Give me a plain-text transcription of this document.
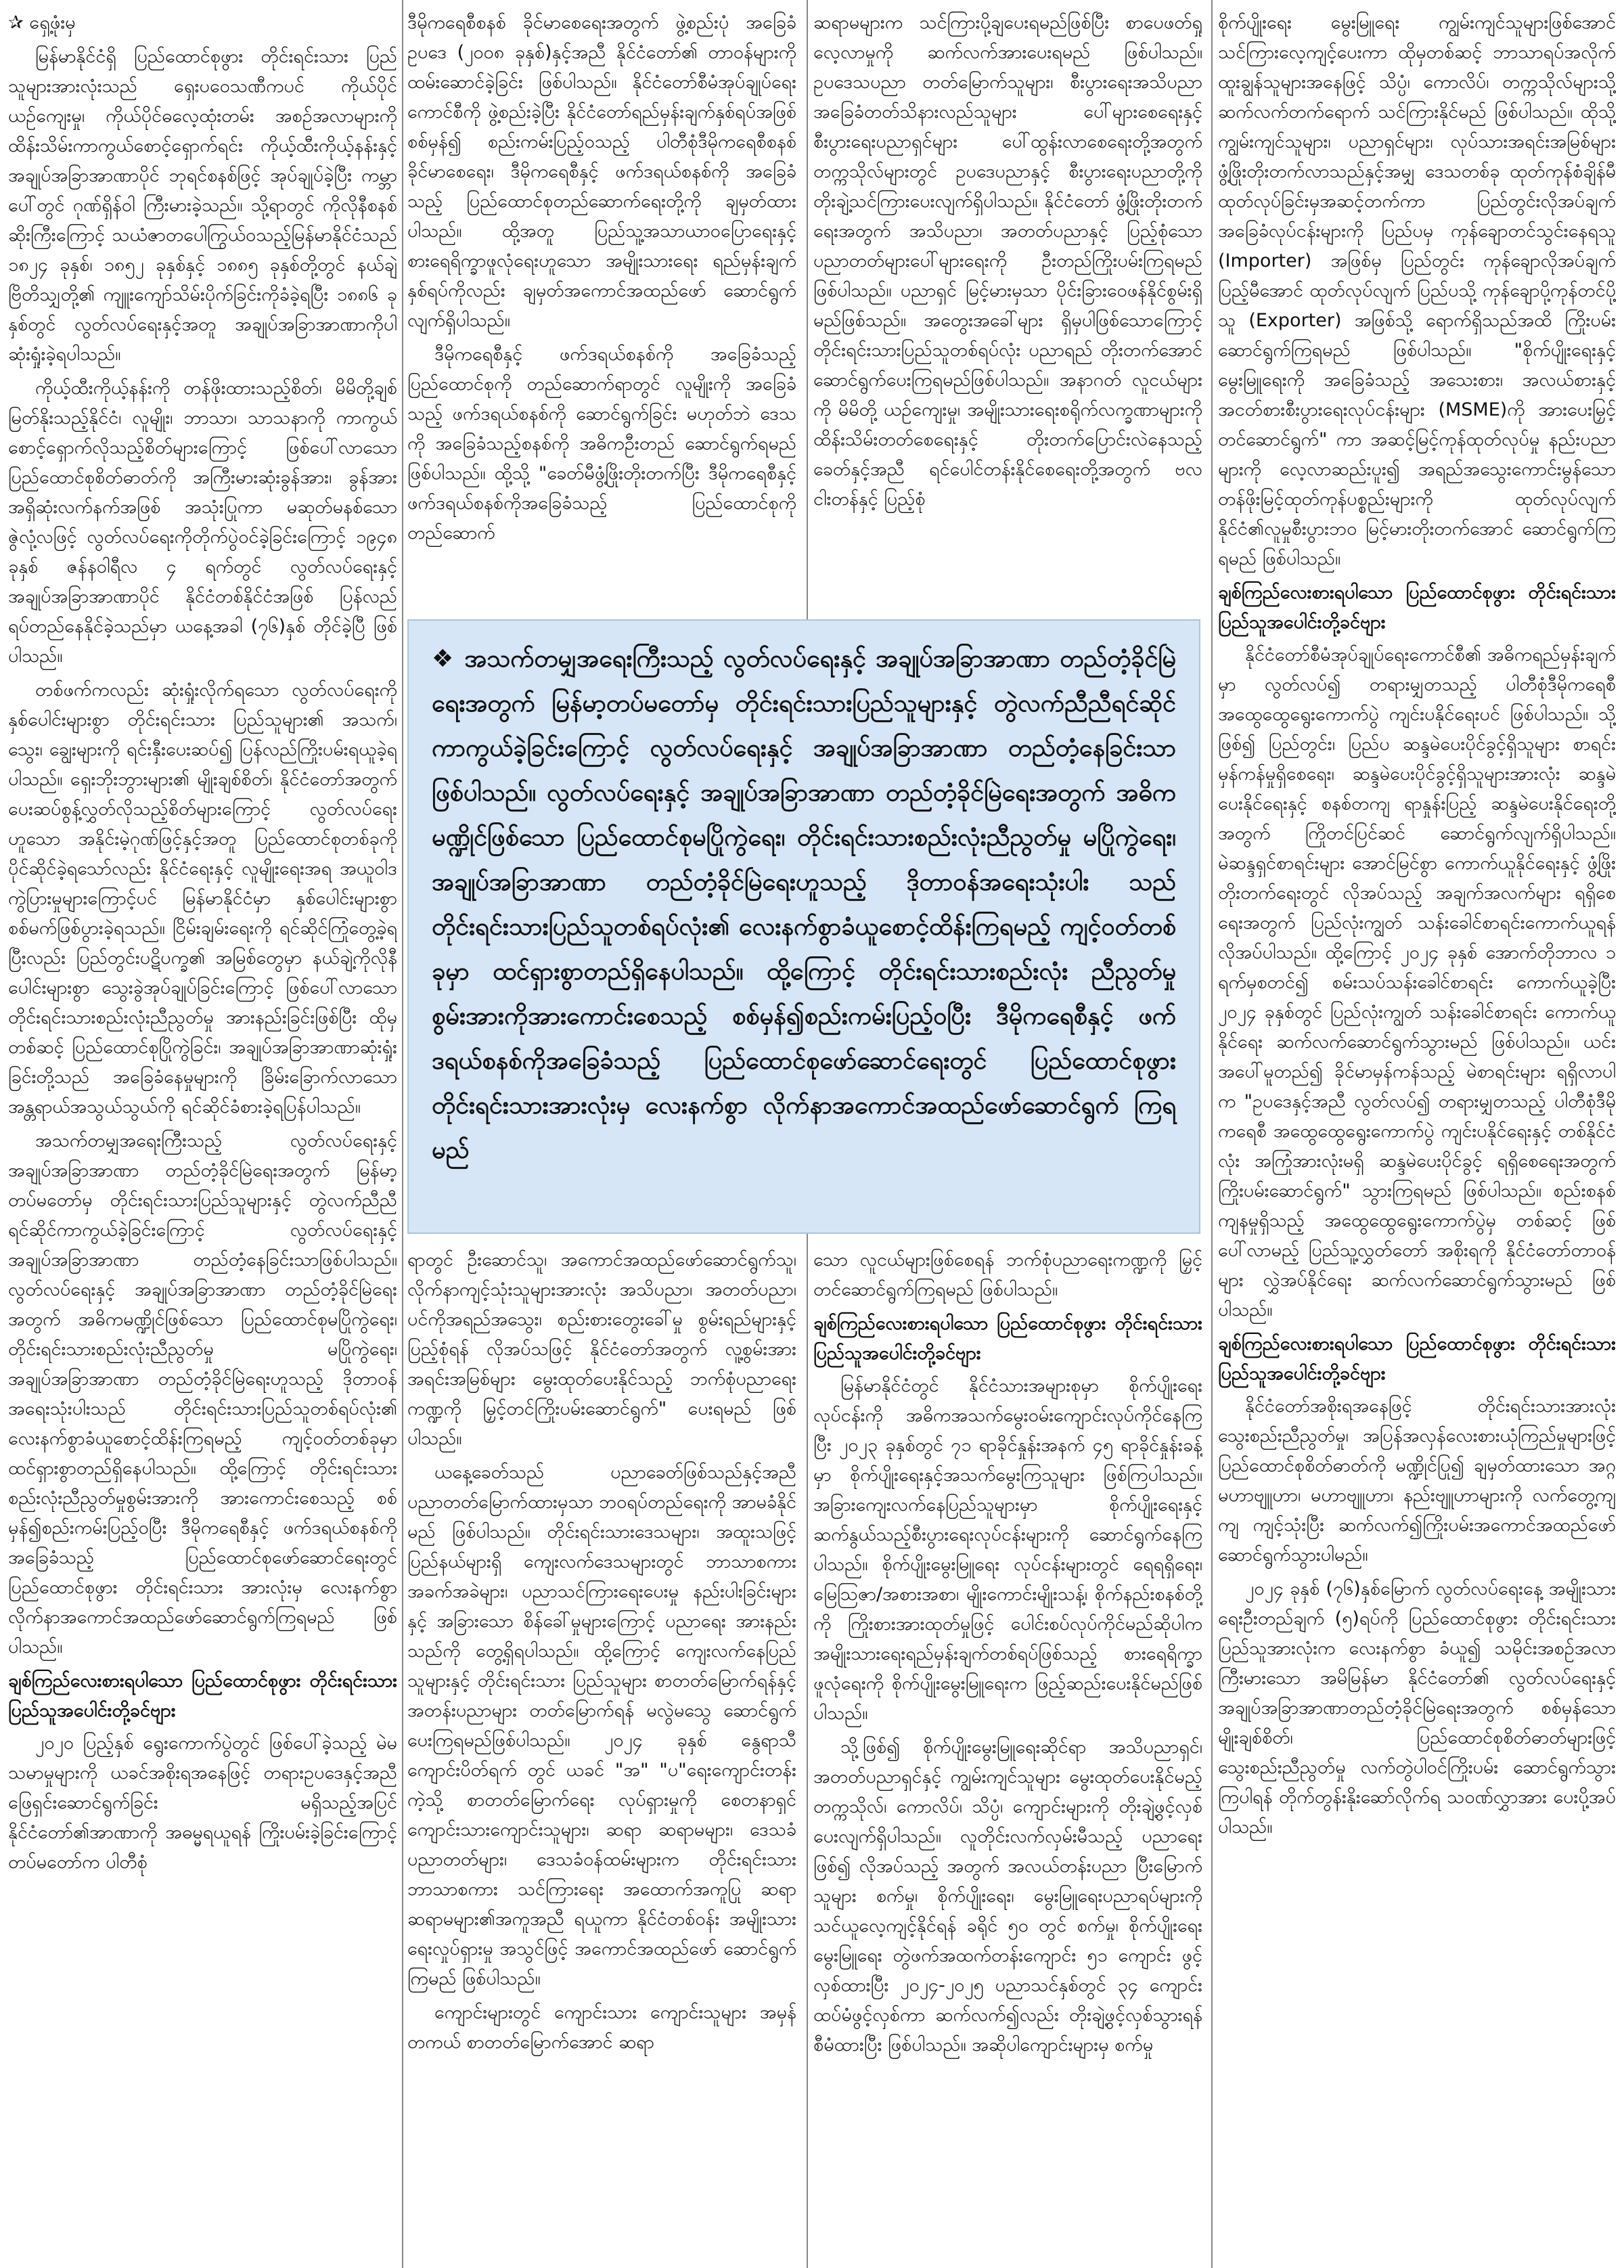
✰ ရှေ့ဖုံးမှ

မြန်မာနိုင်ငံရှိ ပြည်ထောင်စုဖွား တိုင်းရင်းသား ပြည်သူများအားလုံးသည် ရှေးပဝေသဏီကပင် ကိုယ်ပိုင်ယဉ်ကျေးမှု၊ ကိုယ်ပိုင်ဓလေ့ထုံးတမ်း အစဉ်အလာများကို ထိန်းသိမ်းကာကွယ်စောင့်ရှောက်ရင်း ကိုယ့်ထီးကိုယ့်နန်းနှင့် အချုပ်အခြာအာဏာပိုင် ဘုရင်စနစ်ဖြင့် အုပ်ချုပ်ခဲ့ပြီး ကမ္ဘာပေါ်တွင် ဂုဏ်ရှိန်ဝါ ကြီးမားခဲ့သည်။ သို့ရာတွင် ကိုလိုနီစနစ်ဆိုးကြီးကြောင့် သယံဇာတပေါကြွယ်ဝသည့်မြန်မာနိုင်ငံသည် ၁၈၂၄ ခုနှစ်၊ ၁၈၅၂ ခုနှစ်နှင့် ၁၈၈၅ ခုနှစ်တို့တွင် နယ်ချဲ့ဗြိတိသျှတို့၏ ကျူးကျော်သိမ်းပိုက်ခြင်းကိုခံခဲ့ရပြီး ၁၈၈၆ ခုနှစ်တွင် လွတ်လပ်ရေးနှင့်အတူ အချုပ်အခြာအာဏာကိုပါ ဆုံးရှုံးခဲ့ရပါသည်။

ကိုယ့်ထီးကိုယ့်နန်းကို တန်ဖိုးထားသည့်စိတ်၊ မိမိတို့ချစ်မြတ်နိုးသည့်နိုင်ငံ၊ လူမျိုး၊ ဘာသာ၊ သာသနာကို ကာကွယ်စောင့်ရှောက်လိုသည့်စိတ်များကြောင့် ဖြစ်ပေါ်လာသော ပြည်ထောင်စုစိတ်ဓာတ်ကို အကြီးမားဆုံးခွန်အား၊ ခွန်အားအရှိဆုံးလက်နက်အဖြစ် အသုံးပြုကာ မဆုတ်မနစ်သော ဇွဲလုံ့လဖြင့် လွတ်လပ်ရေးကိုတိုက်ပွဲဝင်ခဲ့ခြင်းကြောင့် ၁၉၄၈ ခုနှစ် ဇန်နဝါရီလ ၄ ရက်တွင် လွတ်လပ်ရေးနှင့် အချုပ်အခြာအာဏာပိုင် နိုင်ငံတစ်နိုင်ငံအဖြစ် ပြန်လည် ရပ်တည်နေနိုင်ခဲ့သည်မှာ ယနေ့အခါ (၇၆)နှစ် တိုင်ခဲ့ပြီ ဖြစ်ပါသည်။

တစ်ဖက်ကလည်း ဆုံးရှုံးလိုက်ရသော လွတ်လပ်ရေးကို နှစ်ပေါင်းများစွာ တိုင်းရင်းသား ပြည်သူများ၏ အသက်၊ သွေး၊ ချွေးများကို ရင်းနှီးပေးဆပ်၍ ပြန်လည်ကြိုးပမ်းရယူခဲ့ရပါသည်။ ရှေးဘိုးဘွားများ၏ မျိုးချစ်စိတ်၊ နိုင်ငံတော်အတွက် ပေးဆပ်စွန့်လွှတ်လိုသည့်စိတ်များကြောင့် လွတ်လပ်ရေးဟူသော အနိုင်းမဲ့ဂုဏ်ဖြင့်နှင့်အတူ ပြည်ထောင်စုတစ်ခုကို ပိုင်ဆိုင်ခဲ့ရသော်လည်း နိုင်ငံရေးနှင့် လူမျိုးရေးအရ အယူဝါဒကွဲပြားမှုများကြောင့်ပင် မြန်မာနိုင်ငံမှာ နှစ်ပေါင်းများစွာ စစ်မက်ဖြစ်ပွားခဲ့ရသည်။ ငြိမ်းချမ်းရေးကို ရင်ဆိုင်ကြုံတွေ့ခဲ့ရပြီးလည်း ပြည်တွင်းပဋိပက္ခ၏ အမြစ်တွေမှာ နယ်ချဲ့ကိုလိုနီ ပေါင်းများစွာ သွေးခွဲအုပ်ချုပ်ခြင်းကြောင့် ဖြစ်ပေါ်လာသော တိုင်းရင်းသားစည်းလုံးညီညွတ်မှု အားနည်းခြင်းဖြစ်ပြီး ထိုမှတစ်ဆင့် ပြည်ထောင်စုပြိုကွဲခြင်း၊ အချုပ်အခြာအာဏာဆုံးရှုံးခြင်းတို့သည် အခြေခံနေမှုများကို ခြိမ်းခြောက်လာသော အန္တရာယ်အသွယ်သွယ်ကို ရင်ဆိုင်ခံစားခဲ့ရပြန်ပါသည်။

အသက်တမျှအရေးကြီးသည့် လွတ်လပ်ရေးနှင့် အချုပ်အခြာအာဏာ တည်တံ့ခိုင်မြဲရေးအတွက် မြန်မာ့တပ်မတော်မှ တိုင်းရင်းသားပြည်သူများနှင့် တွဲလက်ညီညီ ရင်ဆိုင်ကာကွယ်ခဲ့ခြင်းကြောင့် လွတ်လပ်ရေးနှင့် အချုပ်အခြာအာဏာ တည်တံ့နေခြင်းသာဖြစ်ပါသည်။ လွတ်လပ်ရေးနှင့် အချုပ်အခြာအာဏာ တည်တံ့ခိုင်မြဲရေးအတွက် အဓိကမဏ္ဍိုင်ဖြစ်သော ပြည်ထောင်စုမပြိုကွဲရေး၊ တိုင်းရင်းသားစည်းလုံးညီညွတ်မှု မပြိုကွဲရေး၊ အချုပ်အခြာအာဏာ တည်တံ့ခိုင်မြဲရေးဟူသည့် ဒိုတာဝန်အရေးသုံးပါးသည် တိုင်းရင်းသားပြည်သူတစ်ရပ်လုံး၏ လေးနက်စွာခံယူစောင့်ထိန်းကြရမည့် ကျင့်ဝတ်တစ်ခုမှာ ထင်ရှားစွာတည်ရှိနေပါသည်။ ထို့ကြောင့် တိုင်းရင်းသားစည်းလုံးညီညွတ်မှုစွမ်းအားကို အားကောင်းစေသည့် စစ်မှန်၍စည်းကမ်းပြည့်ဝပြီး ဒီမိုကရေစီနှင့် ဖက်ဒရယ်စနစ်ကိုအခြေခံသည့် ပြည်ထောင်စုဖော်ဆောင်ရေးတွင် ပြည်ထောင်စုဖွား တိုင်းရင်းသား အားလုံးမှ လေးနက်စွာလိုက်နာအကောင်အထည်ဖော်ဆောင်ရွက်ကြရမည် ဖြစ်ပါသည်။

ချစ်ကြည်လေးစားရပါသော ပြည်ထောင်စုဖွား တိုင်းရင်းသားပြည်သူအပေါင်းတို့ခင်ဗျား

၂၀၂၀ ပြည့်နှစ် ရွေးကောက်ပွဲတွင် ဖြစ်ပေါ်ခဲ့သည့် မဲမသမာမှုများကို ယခင်အစိုးရအနေဖြင့် တရားဥပဒေနှင့်အညီ ဖြေရှင်းဆောင်ရွက်ခြင်း မရှိသည့်အပြင် နိုင်ငံတော်၏အာဏာကို အဓမ္မရယူရန် ကြိုးပမ်းခဲ့ခြင်းကြောင့် တပ်မတော်က ပါတီစုံ

ဒီမိုကရေစီစနစ် ခိုင်မာစေရေးအတွက် ဖွဲ့စည်းပုံ အခြေခံဥပဒေ (၂၀၀၈ ခုနှစ်)နှင့်အညီ နိုင်ငံတော်၏ တာဝန်များကို ထမ်းဆောင်ခဲ့ခြင်း ဖြစ်ပါသည်။ နိုင်ငံတော်စီမံအုပ်ချုပ်ရေးကောင်စီကို ဖွဲ့စည်းခဲ့ပြီး နိုင်ငံတော်ရည်မှန်းချက်နှစ်ရပ်အဖြစ် စစ်မှန်၍ စည်းကမ်းပြည့်ဝသည့် ပါတီစုံဒီမိုကရေစီစနစ် ခိုင်မာစေရေး၊ ဒီမိုကရေစီနှင့် ဖက်ဒရယ်စနစ်ကို အခြေခံသည့် ပြည်ထောင်စုတည်ဆောက်ရေးတို့ကို ချမှတ်ထားပါသည်။ ထို့အတူ ပြည်သူ့အသာယာဝပြောရေးနှင့် စားရေရိက္ခာဖူလုံရေးဟူသော အမျိုးသားရေး ရည်မှန်းချက် နှစ်ရပ်ကိုလည်း ချမှတ်အကောင်အထည်ဖော် ဆောင်ရွက်လျက်ရှိပါသည်။

ဒီမိုကရေစီနှင့် ဖက်ဒရယ်စနစ်ကို အခြေခံသည့် ပြည်ထောင်စုကို တည်ဆောက်ရာတွင် လူမျိုးကို အခြေခံသည့် ဖက်ဒရယ်စနစ်ကို ဆောင်ရွက်ခြင်း မဟုတ်ဘဲ ဒေသကို အခြေခံသည့်စနစ်ကို အဓိကဦးတည် ဆောင်ရွက်ရမည်ဖြစ်ပါသည်။ ထို့သို့ "ခေတ်မီဖွံ့ဖြိုးတိုးတက်ပြီး ဒီမိုကရေစီနှင့် ဖက်ဒရယ်စနစ်ကိုအခြေခံသည့် ပြည်ထောင်စုကိုတည်ဆောက်

ဆရာမများက သင်ကြားပို့ချပေးရမည်ဖြစ်ပြီး စာပေဖတ်ရှုလေ့လာမှုကို ဆက်လက်အားပေးရမည် ဖြစ်ပါသည်။ ဥပဒေသပညာ တတ်မြောက်သူများ၊ စီးပွားရေးအသိပညာ အခြေခံတတ်သိနားလည်သူများ ပေါ်များစေရေးနှင့် စီးပွားရေးပညာရှင်များ ပေါ်ထွန်းလာစေရေးတို့အတွက် တက္ကသိုလ်များတွင် ဥပဒေပညာနှင့် စီးပွားရေးပညာတို့ကို တိုးချဲ့သင်ကြားပေးလျက်ရှိပါသည်။ နိုင်ငံတော် ဖွံ့ဖြိုးတိုးတက်ရေးအတွက် အသိပညာ၊ အတတ်ပညာနှင့် ပြည့်စုံသော ပညာတတ်များပေါ်များရေးကို ဦးတည်ကြိုးပမ်းကြရမည် ဖြစ်ပါသည်။ ပညာရှင် မြင့်မားမှသာ ပိုင်းခြားဝေဖန်နိုင်စွမ်းရှိမည်ဖြစ်သည်။ အတွေးအခေါ်များ ရှိမှပါဖြစ်သောကြောင့် တိုင်းရင်းသားပြည်သူတစ်ရပ်လုံး ပညာရည် တိုးတက်အောင် ဆောင်ရွက်ပေးကြရမည်ဖြစ်ပါသည်။ အနာဂတ် လူငယ်များကို မိမိတို့ ယဉ်ကျေးမှု၊ အမျိုးသားရေးစရိုက်လက္ခဏာများကို ထိန်းသိမ်းတတ်စေရေးနှင့် တိုးတက်ပြောင်းလဲနေသည့် ခေတ်နှင့်အညီ ရင်ပေါင်တန်းနိုင်စေရေးတို့အတွက် ဗလငါးတန်နှင့် ပြည့်စုံ

❖ အသက်တမျှအရေးကြီးသည့် လွတ်လပ်ရေးနှင့် အချုပ်အခြာအာဏာ တည်တံ့ခိုင်မြဲရေးအတွက် မြန်မာ့တပ်မတော်မှ တိုင်းရင်းသားပြည်သူများနှင့် တွဲလက်ညီညီရင်ဆိုင်ကာကွယ်ခဲ့ခြင်းကြောင့် လွတ်လပ်ရေးနှင့် အချုပ်အခြာအာဏာ တည်တံ့နေခြင်းသာ ဖြစ်ပါသည်။ လွတ်လပ်ရေးနှင့် အချုပ်အခြာအာဏာ တည်တံ့ခိုင်မြဲရေးအတွက် အဓိက မဏ္ဍိုင်ဖြစ်သော ပြည်ထောင်စုမပြိုကွဲရေး၊ တိုင်းရင်းသားစည်းလုံးညီညွတ်မှု မပြိုကွဲရေး၊ အချုပ်အခြာအာဏာ တည်တံ့ခိုင်မြဲရေးဟူသည့် ဒိုတာဝန်အရေးသုံးပါး သည် တိုင်းရင်းသားပြည်သူတစ်ရပ်လုံး၏ လေးနက်စွာခံယူစောင့်ထိန်းကြရမည့် ကျင့်ဝတ်တစ်ခုမှာ ထင်ရှားစွာတည်ရှိနေပါသည်။ ထို့ကြောင့် တိုင်းရင်းသားစည်းလုံး ညီညွတ်မှုစွမ်းအားကိုအားကောင်းစေသည့် စစ်မှန်၍စည်းကမ်းပြည့်ဝပြီး ဒီမိုကရေစီနှင့် ဖက်ဒရယ်စနစ်ကိုအခြေခံသည့် ပြည်ထောင်စုဖော်ဆောင်ရေးတွင် ပြည်ထောင်စုဖွား တိုင်းရင်းသားအားလုံးမှ လေးနက်စွာ လိုက်နာအကောင်အထည်ဖော်ဆောင်ရွက် ကြရမည်

ရာတွင် ဦးဆောင်သူ၊ အကောင်အထည်ဖော်ဆောင်ရွက်သူ၊ လိုက်နာကျင့်သုံးသူများအားလုံး အသိပညာ၊ အတတ်ပညာ၊ ပင်ကိုအရည်အသွေး၊ စည်းစားတွေးခေါ်မှု စွမ်းရည်များနှင့် ပြည့်စုံရန် လိုအပ်သဖြင့် နိုင်ငံတော်အတွက် လူ့စွမ်းအားအရင်းအမြစ်များ မွေးထုတ်ပေးနိုင်သည့် ဘက်စုံပညာရေးကဏ္ဍကို မြှင့်တင်ကြိုးပမ်းဆောင်ရွက်" ပေးရမည် ဖြစ်ပါသည်။

ယနေ့ခေတ်သည် ပညာခေတ်ဖြစ်သည်နှင့်အညီ ပညာတတ်မြောက်ထားမှသာ ဘဝရပ်တည်ရေးကို အာမခံနိုင်မည် ဖြစ်ပါသည်။ တိုင်းရင်းသားဒေသများ၊ အထူးသဖြင့် ပြည်နယ်များရှိ ကျေးလက်ဒေသများတွင် ဘာသာစကားအခက်အခဲများ၊ ပညာသင်ကြားရေးပေးမှု နည်းပါးခြင်းများနှင့် အခြားသော စိန်ခေါ်မှုများကြောင့် ပညာရေး အားနည်းသည်ကို တွေ့ရှိရပါသည်။ ထို့ကြောင့် ကျေးလက်နေပြည်သူများနှင့် တိုင်းရင်းသား ပြည်သူများ စာတတ်မြောက်ရန်နှင့် အတန်းပညာများ တတ်မြောက်ရန် မလွဲမသွေ ဆောင်ရွက်ပေးကြရမည်ဖြစ်ပါသည်။ ၂၀၂၄ ခုနှစ် နွေရာသီကျောင်းပိတ်ရက် တွင် ယခင် "အ" "ပ"ရေးကျောင်းတန်းကဲ့သို့ စာတတ်မြောက်ရေး လုပ်ရှားမှုကို စေတနာရှင် ကျောင်းသားကျောင်းသူများ၊ ဆရာ ဆရာမများ၊ ဒေသခံပညာတတ်များ၊ ဒေသခံဝန်ထမ်းများက တိုင်းရင်းသားဘာသာစကား သင်ကြားရေး အထောက်အကူပြု ဆရာ ဆရာမများ၏အကူအညီ ရယူကာ နိုင်ငံတစ်ဝန်း အမျိုးသားရေးလှုပ်ရှားမှု အသွင်ဖြင့် အကောင်အထည်ဖော် ဆောင်ရွက်ကြမည် ဖြစ်ပါသည်။

ကျောင်းများတွင် ကျောင်းသား ကျောင်းသူများ အမှန်တကယ် စာတတ်မြောက်အောင် ဆရာ

သော လူငယ်များဖြစ်စေရန် ဘက်စုံပညာရေးကဏ္ဍကို မြှင့်တင်ဆောင်ရွက်ကြရမည် ဖြစ်ပါသည်။

ချစ်ကြည်လေးစားရပါသော ပြည်ထောင်စုဖွား တိုင်းရင်းသားပြည်သူအပေါင်းတို့ခင်ဗျား

မြန်မာနိုင်ငံတွင် နိုင်ငံသားအများစုမှာ စိုက်ပျိုးရေးလုပ်ငန်းကို အဓိကအသက်မွေးဝမ်းကျောင်းလုပ်ကိုင်နေကြပြီး ၂၀၂၃ ခုနှစ်တွင် ၇၁ ရာခိုင်နှုန်းအနက် ၄၅ ရာခိုင်နှုန်းခန့်မှာ စိုက်ပျိုးရေးနှင့်အသက်မွေးကြသူများ ဖြစ်ကြပါသည်။ အခြားကျေးလက်နေပြည်သူများမှာ စိုက်ပျိုးရေးနှင့် ဆက်နွယ်သည့်စီးပွားရေးလုပ်ငန်းများကို ဆောင်ရွက်နေကြပါသည်။ စိုက်ပျိုးမွေးမြူရေး လုပ်ငန်းများတွင် ရေရရှိရေး၊ မြေဩဇာ/အစားအစာ၊ မျိုးကောင်းမျိုးသန့်၊ စိုက်နည်းစနစ်တို့ကို ကြိုးစားအားထုတ်မှုဖြင့် ပေါင်းစပ်လုပ်ကိုင်မည်ဆိုပါက အမျိုးသားရေးရည်မှန်းချက်တစ်ရပ်ဖြစ်သည့် စားရေရိက္ခာဖူလုံရေးကို စိုက်ပျိုးမွေးမြူရေးက ဖြည့်ဆည်းပေးနိုင်မည်ဖြစ်ပါသည်။

သို့ဖြစ်၍ စိုက်ပျိုးမွေးမြူရေးဆိုင်ရာ အသိပညာရှင်၊ အတတ်ပညာရှင်နှင့် ကျွမ်းကျင်သူများ မွေးထုတ်ပေးနိုင်မည့် တက္ကသိုလ်၊ ကောလိပ်၊ သိပ္ပံ၊ ကျောင်းများကို တိုးချဲ့ဖွင့်လှစ်ပေးလျက်ရှိပါသည်။ လူတိုင်းလက်လှမ်းမီသည့် ပညာရေးဖြစ်၍ လိုအပ်သည့် အတွက် အလယ်တန်းပညာ ပြီးမြောက်သူများ စက်မှု၊ စိုက်ပျိုးရေး၊ မွေးမြူရေးပညာရပ်များကို သင်ယူလေ့ကျင့်နိုင်ရန် ခရိုင် ၅၀ တွင် စက်မှု၊ စိုက်ပျိုးရေး မွေးမြူရေး တွဲဖက်အထက်တန်းကျောင်း ၅၁ ကျောင်း ဖွင့်လှစ်ထားပြီး ၂၀၂၄-၂၀၂၅ ပညာသင်နှစ်တွင် ၃၄ ကျောင်း ထပ်မံဖွင့်လှစ်ကာ ဆက်လက်၍လည်း တိုးချဲ့ဖွင့်လှစ်သွားရန် စီမံထားပြီး ဖြစ်ပါသည်။ အဆိုပါကျောင်းများမှ စက်မှု

စိုက်ပျိုးရေး မွေးမြူရေး ကျွမ်းကျင်သူများဖြစ်အောင် သင်ကြားလေ့ကျင့်ပေးကာ ထိုမှတစ်ဆင့် ဘာသာရပ်အလိုက်ထူးချွန်သူများအနေဖြင့် သိပ္ပံ၊ ကောလိပ်၊ တက္ကသိုလ်များသို့ ဆက်လက်တက်ရောက် သင်ကြားနိုင်မည် ဖြစ်ပါသည်။ ထိုသို့ ကျွမ်းကျင်သူများ၊ ပညာရှင်များ၊ လုပ်သားအရင်းအမြစ်များ ဖွံ့ဖြိုးတိုးတက်လာသည်နှင့်အမျှ ဒေသတစ်ခု ထုတ်ကုန်စံချိန်မီ ထုတ်လုပ်ခြင်းမှအဆင့်တက်ကာ ပြည်တွင်းလိုအပ်ချက် အခြေခံလုပ်ငန်းများကို ပြည်ပမှ ကုန်ချောတင်သွင်းနေရသူ (Importer) အဖြစ်မှ ပြည်တွင်း ကုန်ချောလိုအပ်ချက် ပြည့်မီအောင် ထုတ်လုပ်လျက် ပြည်ပသို့ ကုန်ချောပို့ကုန်တင်ပို့သူ (Exporter) အဖြစ်သို့ ရောက်ရှိသည်အထိ ကြိုးပမ်းဆောင်ရွက်ကြရမည် ဖြစ်ပါသည်။ "စိုက်ပျိုးရေးနှင့် မွေးမြူရေးကို အခြေခံသည့် အသေးစား၊ အလယ်စားနှင့် အငတ်စားစီးပွားရေးလုပ်ငန်းများ (MSME)ကို အားပေးမြှင့်တင်ဆောင်ရွက်" ကာ အဆင့်မြင့်ကုန်ထုတ်လုပ်မှု နည်းပညာများကို လေ့လာဆည်းပူး၍ အရည်အသွေးကောင်းမွန်သော တန်ဖိုးမြင့်ထုတ်ကုန်ပစ္စည်းများကို ထုတ်လုပ်လျက် နိုင်ငံ၏လူမှုစီးပွားဘဝ မြင့်မားတိုးတက်အောင် ဆောင်ရွက်ကြရမည် ဖြစ်ပါသည်။

ချစ်ကြည်လေးစားရပါသော ပြည်ထောင်စုဖွား တိုင်းရင်းသားပြည်သူအပေါင်းတို့ခင်ဗျား

နိုင်ငံတော်စီမံအုပ်ချုပ်ရေးကောင်စီ၏ အဓိကရည်မှန်းချက်မှာ လွတ်လပ်၍ တရားမျှတသည့် ပါတီစုံဒီမိုကရေစီ အထွေထွေရွေးကောက်ပွဲ ကျင်းပနိုင်ရေးပင် ဖြစ်ပါသည်။ သို့ဖြစ်၍ ပြည်တွင်း၊ ပြည်ပ ဆန္ဒမဲပေးပိုင်ခွင့်ရှိသူများ စာရင်းမှန်ကန်မှုရှိစေရေး၊ ဆန္ဒမဲပေးပိုင်ခွင့်ရှိသူများအားလုံး ဆန္ဒမဲပေးနိုင်ရေးနှင့် စနစ်တကျ ရာနှုန်းပြည့် ဆန္ဒမဲပေးနိုင်ရေးတို့အတွက် ကြိုတင်ပြင်ဆင် ဆောင်ရွက်လျက်ရှိပါသည်။ မဲဆန္ဒရှင်စာရင်းများ အောင်မြင်စွာ ကောက်ယူနိုင်ရေးနှင့် ဖွံ့ဖြိုးတိုးတက်ရေးတွင် လိုအပ်သည့် အချက်အလက်များ ရရှိစေရေးအတွက် ပြည်လုံးကျွတ် သန်းခေါင်စာရင်းကောက်ယူရန် လိုအပ်ပါသည်။ ထို့ကြောင့် ၂၀၂၄ ခုနှစ် အောက်တိုဘာလ ၁ ရက်မှစတင်၍ စမ်းသပ်သန်းခေါင်စာရင်း ကောက်ယူခဲ့ပြီး ၂၀၂၄ ခုနှစ်တွင် ပြည်လုံးကျွတ် သန်းခေါင်စာရင်း ကောက်ယူနိုင်ရေး ဆက်လက်ဆောင်ရွက်သွားမည် ဖြစ်ပါသည်။ ယင်းအပေါ်မူတည်၍ ခိုင်မာမှန်ကန်သည့် မဲစာရင်းများ ရရှိလာပါက "ဥပဒေနှင့်အညီ လွတ်လပ်၍ တရားမျှတသည့် ပါတီစုံဒီမိုကရေစီ အထွေထွေရွေးကောက်ပွဲ ကျင်းပနိုင်ရေးနှင့် တစ်နိုင်ငံလုံး အကြုံအားလုံးမရှိ ဆန္ဒမဲပေးပိုင်ခွင့် ရရှိစေရေးအတွက် ကြိုးပမ်းဆောင်ရွက်" သွားကြရမည် ဖြစ်ပါသည်။ စည်းစနစ်ကျနမှုရှိသည့် အထွေထွေရွေးကောက်ပွဲမှ တစ်ဆင့် ဖြစ်ပေါ်လာမည့် ပြည်သူ့လွှတ်တော် အစိုးရကို နိုင်ငံတော်တာဝန်များ လွှဲအပ်နိုင်ရေး ဆက်လက်ဆောင်ရွက်သွားမည် ဖြစ်ပါသည်။

ချစ်ကြည်လေးစားရပါသော ပြည်ထောင်စုဖွား တိုင်းရင်းသားပြည်သူအပေါင်းတို့ခင်ဗျား

နိုင်ငံတော်အစိုးရအနေဖြင့် တိုင်းရင်းသားအားလုံး သွေးစည်းညီညွတ်မှု၊ အပြန်အလှန်လေးစားယုံကြည်မှုများဖြင့် ပြည်ထောင်စုစိတ်ဓာတ်ကို မဏ္ဍိုင်ပြု၍ ချမှတ်ထားသော အဂ္ဂမဟာဗျူဟာ၊ မဟာဗျူဟာ၊ နည်းဗျူဟာများကို လက်တွေ့ကျကျ ကျင့်သုံးပြီး ဆက်လက်၍ကြိုးပမ်းအကောင်အထည်ဖော် ဆောင်ရွက်သွားပါမည်။

၂၀၂၄ ခုနှစ် (၇၆)နှစ်မြောက် လွတ်လပ်ရေးနေ့ အမျိုးသားရေးဦးတည်ချက် (၅)ရပ်ကို ပြည်ထောင်စုဖွား တိုင်းရင်းသားပြည်သူအားလုံးက လေးနက်စွာ ခံယူ၍ သမိုင်းအစဉ်အလာကြီးမားသော အမိမြန်မာ နိုင်ငံတော်၏ လွတ်လပ်ရေးနှင့်အချုပ်အခြာအာဏာတည်တံ့ခိုင်မြဲရေးအတွက် စစ်မှန်သော မျိုးချစ်စိတ်၊ ပြည်ထောင်စုစိတ်ဓာတ်များဖြင့် သွေးစည်းညီညွတ်မှု လက်တွဲပါဝင်ကြိုးပမ်း ဆောင်ရွက်သွားကြပါရန် တိုက်တွန်းနိုးဆော်လိုက်ရ သဝဏ်လွှာအား ပေးပို့အပ်ပါသည်။
